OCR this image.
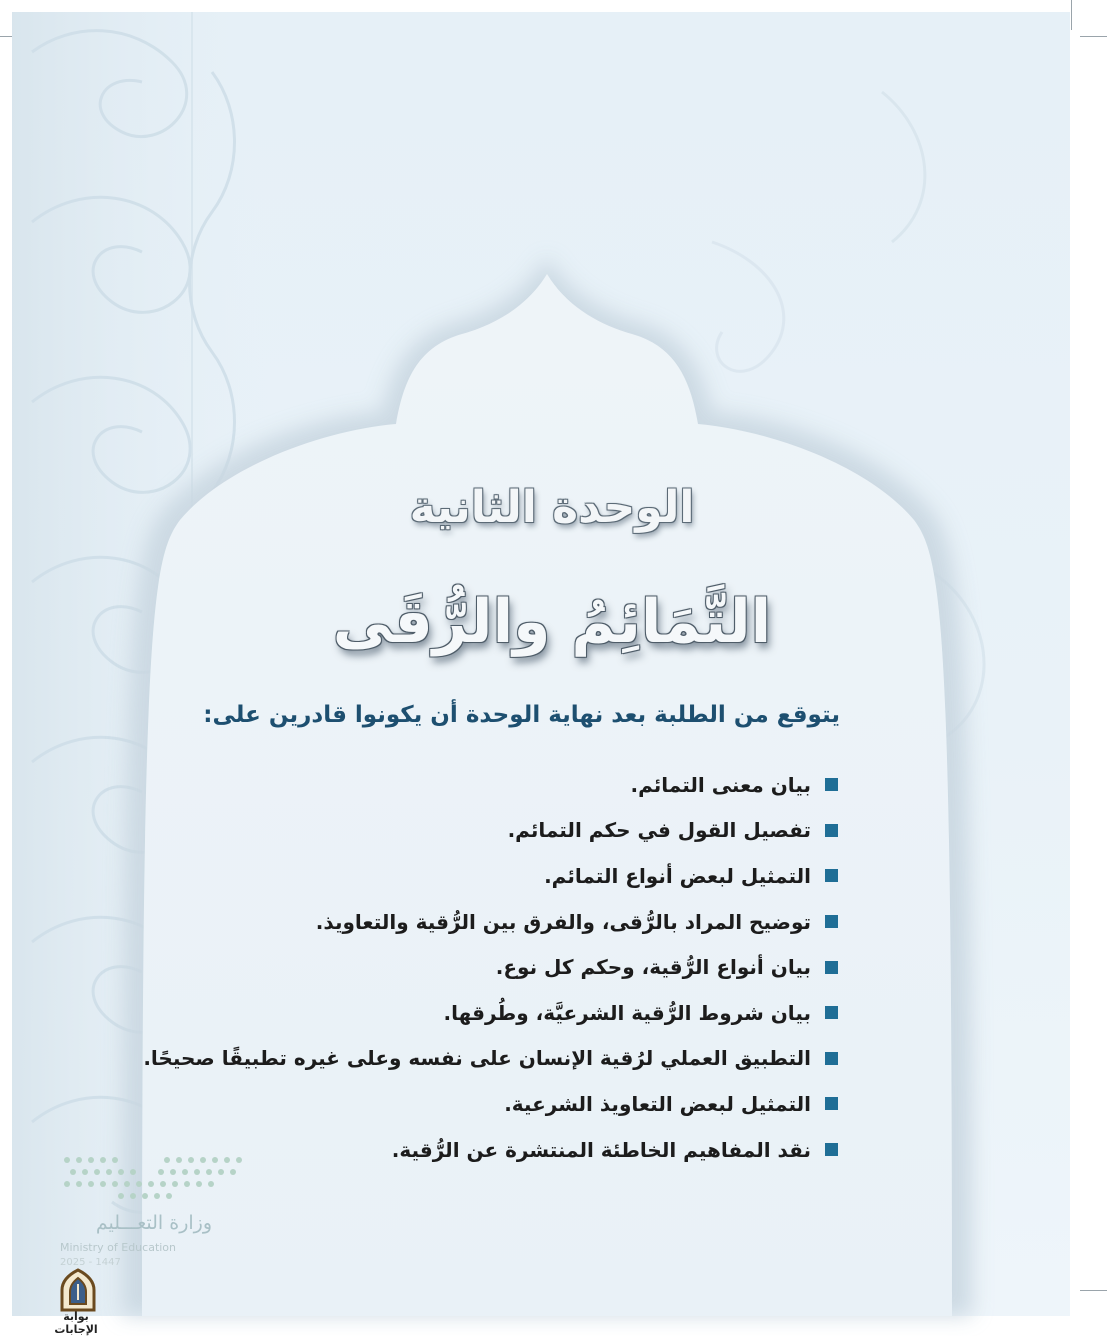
الوحدة الثانية
التَّمَائِمُ والرُّقَى
يتوقع من الطلبة بعد نهاية الوحدة أن يكونوا قادرين على:
بيان معنى التمائم.
تفصيل القول في حكم التمائم.
التمثيل لبعض أنواع التمائم.
توضيح المراد بالرُّقى، والفرق بين الرُّقية والتعاويذ.
بيان أنواع الرُّقية، وحكم كل نوع.
بيان شروط الرُّقية الشرعيَّة، وطُرقها.
التطبيق العملي لرُقية الإنسان على نفسه وعلى غيره تطبيقًا صحيحًا.
التمثيل لبعض التعاويذ الشرعية.
نقد المفاهيم الخاطئة المنتشرة عن الرُّقية.
وزارة التعـــليم
Ministry of Education
2025 - 1447
بوابة الإجابات
